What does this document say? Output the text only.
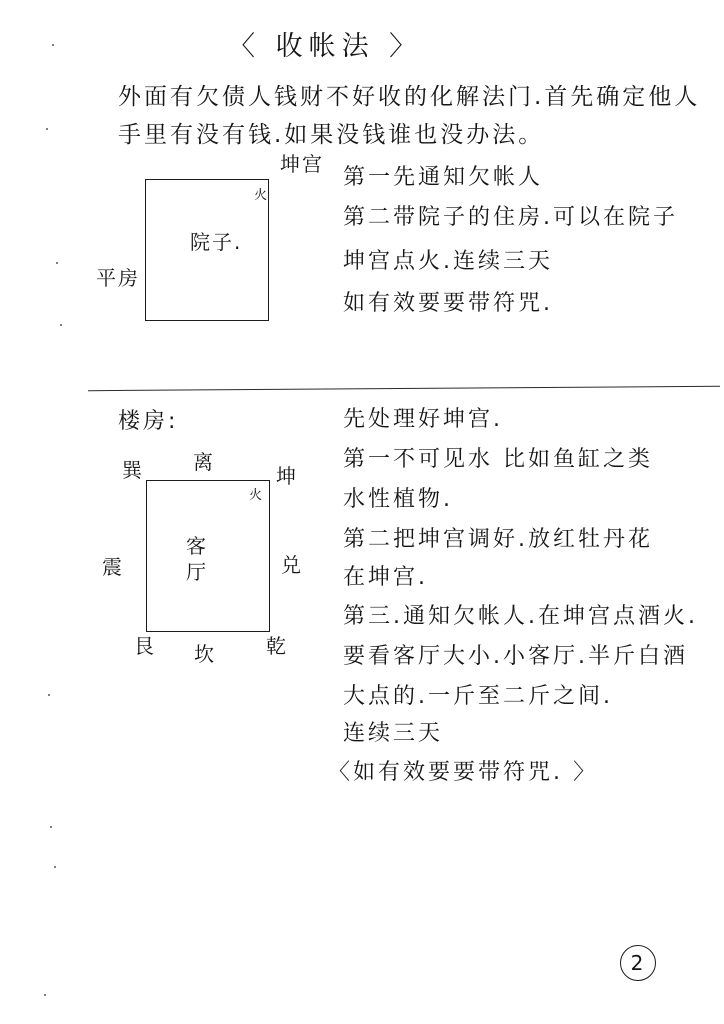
〈 收帐法 〉
外面有欠债人钱财不好收的化解法门.首先确定他人
手里有没有钱.如果没钱谁也没办法。
坤宫
火
院子.
平房
第一先通知欠帐人
第二带院子的住房.可以在院子
坤宫点火.连续三天
如有效要要带符咒.
楼房:
巽 离
坤
火
客
厅
震	兑
艮 坎	乾
先处理好坤宫.
第一不可见水 比如鱼缸之类
水性植物.
第二把坤宫调好.放红牡丹花
在坤宫.
第三.通知欠帐人.在坤宫点酒火.
要看客厅大小.小客厅.半斤白酒
大点的.一斤至二斤之间.
连续三天
〈如有效要要带符咒. 〉
2
